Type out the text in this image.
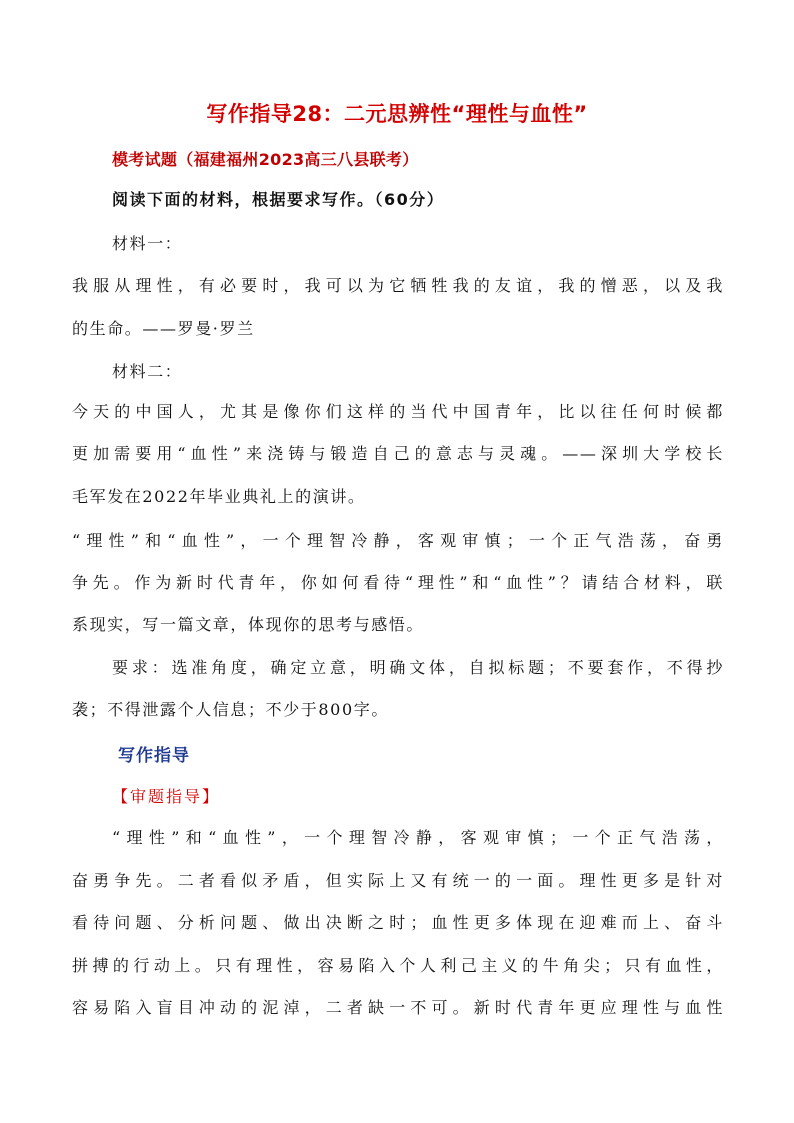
写作指导28：二元思辨性“理性与血性”
模考试题（福建福州2023高三八县联考）
阅读下面的材料，根据要求写作。（60分）
材料一：
我服从理性，有必要时，我可以为它牺牲我的友谊，我的憎恶，以及我
的生命。——罗曼·罗兰
材料二：
今天的中国人，尤其是像你们这样的当代中国青年，比以往任何时候都
更加需要用“血性”来浇铸与锻造自己的意志与灵魂。——深圳大学校长
毛军发在2022年毕业典礼上的演讲。
“理性”和“血性”，一个理智冷静，客观审慎；一个正气浩荡，奋勇
争先。作为新时代青年，你如何看待“理性”和“血性”？请结合材料，联
系现实，写一篇文章，体现你的思考与感悟。
要求：选准角度，确定立意，明确文体，自拟标题；不要套作，不得抄
袭；不得泄露个人信息；不少于800字。
写作指导
【审题指导】
“理性”和“血性”，一个理智冷静，客观审慎；一个正气浩荡，
奋勇争先。二者看似矛盾，但实际上又有统一的一面。理性更多是针对
看待问题、分析问题、做出决断之时；血性更多体现在迎难而上、奋斗
拼搏的行动上。只有理性，容易陷入个人利己主义的牛角尖；只有血性，
容易陷入盲目冲动的泥淖，二者缺一不可。新时代青年更应理性与血性
